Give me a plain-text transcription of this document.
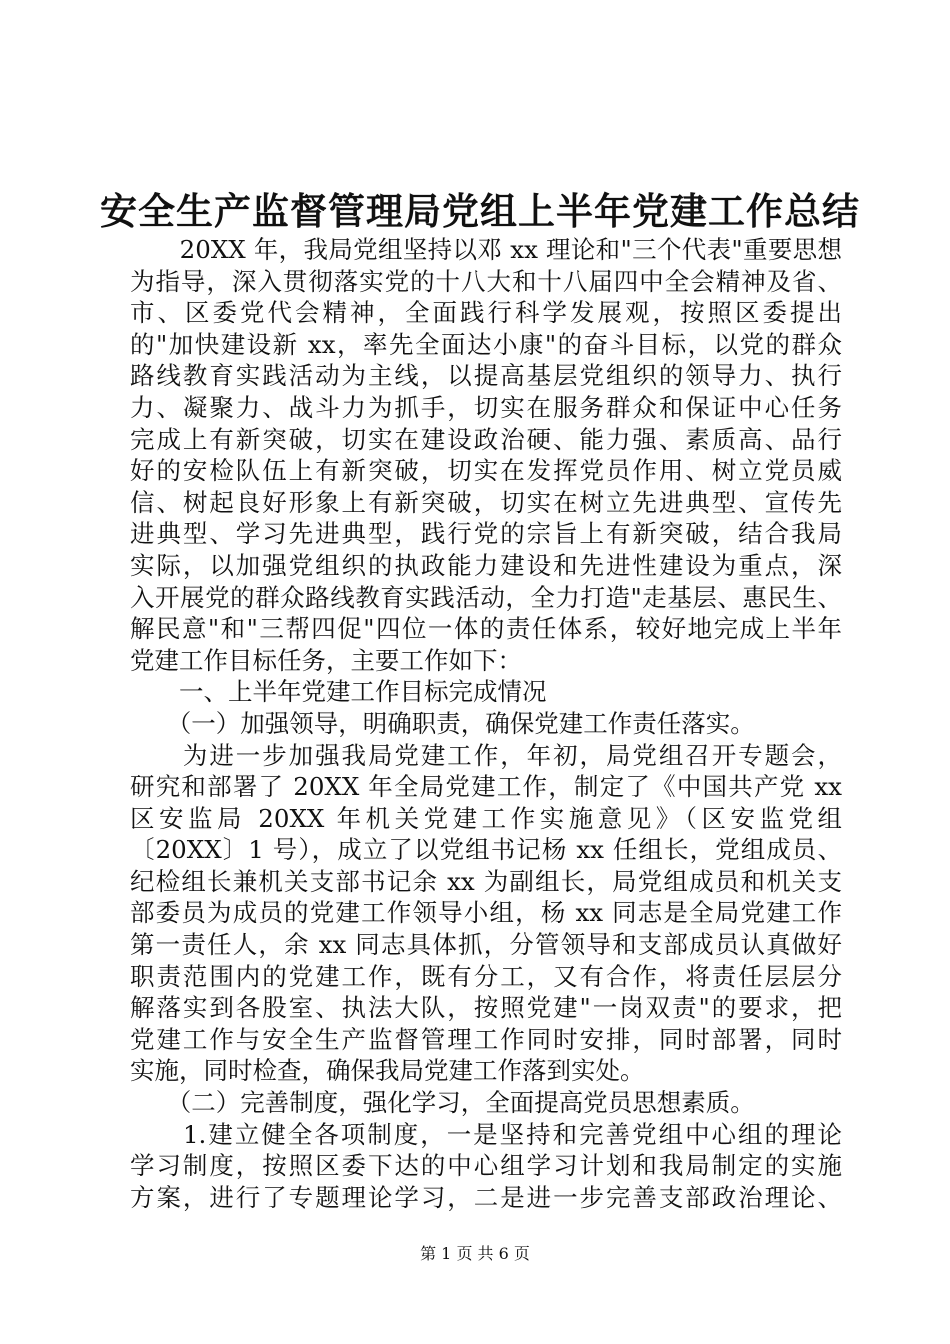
安全生产监督管理局党组上半年党建工作总结
　　20XX 年，我局党组坚持以邓 xx 理论和"三个代表"重要思想
为指导，深入贯彻落实党的十八大和十八届四中全会精神及省、
市、区委党代会精神，全面践行科学发展观，按照区委提出
的"加快建设新 xx，率先全面达小康"的奋斗目标，以党的群众
路线教育实践活动为主线，以提高基层党组织的领导力、执行
力、凝聚力、战斗力为抓手，切实在服务群众和保证中心任务
完成上有新突破，切实在建设政治硬、能力强、素质高、品行
好的安检队伍上有新突破，切实在发挥党员作用、树立党员威
信、树起良好形象上有新突破，切实在树立先进典型、宣传先
进典型、学习先进典型，践行党的宗旨上有新突破，结合我局
实际，以加强党组织的执政能力建设和先进性建设为重点，深
入开展党的群众路线教育实践活动，全力打造"走基层、惠民生、
解民意"和"三帮四促"四位一体的责任体系，较好地完成上半年
党建工作目标任务，主要工作如下：
　　一、上半年党建工作目标完成情况
　　（一）加强领导，明确职责，确保党建工作责任落实。
　　为进一步加强我局党建工作，年初，局党组召开专题会，
研究和部署了 20XX 年全局党建工作，制定了《中国共产党 xx
区安监局 20XX 年机关党建工作实施意见》（区安监党组
〔20XX〕1 号），成立了以党组书记杨 xx 任组长，党组成员、
纪检组长兼机关支部书记余 xx 为副组长，局党组成员和机关支
部委员为成员的党建工作领导小组，杨 xx 同志是全局党建工作
第一责任人，余 xx 同志具体抓，分管领导和支部成员认真做好
职责范围内的党建工作，既有分工，又有合作，将责任层层分
解落实到各股室、执法大队，按照党建"一岗双责"的要求，把
党建工作与安全生产监督管理工作同时安排，同时部署，同时
实施，同时检查，确保我局党建工作落到实处。
　　（二）完善制度，强化学习，全面提高党员思想素质。
　　1.建立健全各项制度，一是坚持和完善党组中心组的理论
学习制度，按照区委下达的中心组学习计划和我局制定的实施
方案，进行了专题理论学习，二是进一步完善支部政治理论、
第 1 页 共 6 页
